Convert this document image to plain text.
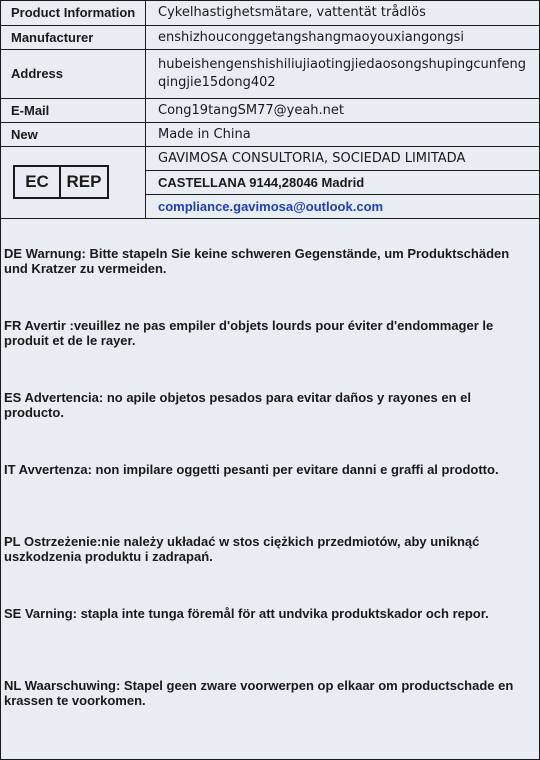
Product Information	Cykelhastighetsmätare, vattentät trådlös
Manufacturer	enshizhouconggetangshangmaoyouxiangongsi
Address	hubeishengenshishiliujiaotingjiedaosongshupingcunfengqingjie15dong402
E-Mail	Cong19tangSM77@yeah.net
New	Made in China

EC REP	GAVIMOSA CONSULTORIA, SOCIEDAD LIMITADA
	CASTELLANA 9144,28046 Madrid
	compliance.gavimosa@outlook.com
DE Warnung: Bitte stapeln Sie keine schweren Gegenstände, um Produktschäden und Kratzer zu vermeiden.
FR Avertir :veuillez ne pas empiler d'objets lourds pour éviter d'endommager le produit et de le rayer.
ES Advertencia: no apile objetos pesados para evitar daños y rayones en el producto.
IT Avvertenza: non impilare oggetti pesanti per evitare danni e graffi al prodotto.
PL Ostrzeżenie:nie należy układać w stos ciężkich przedmiotów, aby uniknąć uszkodzenia produktu i zadrapań.
SE Varning: stapla inte tunga föremål för att undvika produktskador och repor.
NL Waarschuwing: Stapel geen zware voorwerpen op elkaar om productschade en krassen te voorkomen.
